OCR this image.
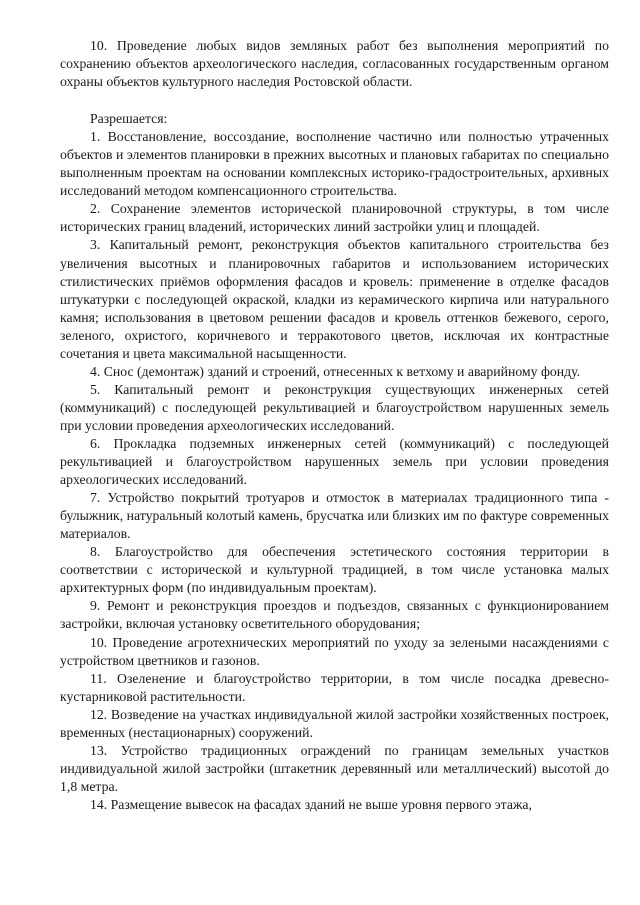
10. Проведение любых видов земляных работ без выполнения мероприятий по сохранению объектов археологического наследия, согласованных государственным органом охраны объектов культурного наследия Ростовской области.

Разрешается:

1. Восстановление, воссоздание, восполнение частично или полностью утраченных объектов и элементов планировки в прежних высотных и плановых габаритах по специально выполненным проектам на основании комплексных историко-градостроительных, архивных исследований методом компенсационного строительства.

2. Сохранение элементов исторической планировочной структуры, в том числе исторических границ владений, исторических линий застройки улиц и площадей.

3. Капитальный ремонт, реконструкция объектов капитального строительства без увеличения высотных и планировочных габаритов и использованием исторических стилистических приёмов оформления фасадов и кровель: применение в отделке фасадов штукатурки с последующей окраской, кладки из керамического кирпича или натурального камня; использования в цветовом решении фасадов и кровель оттенков бежевого, серого, зеленого, охристого, коричневого и терракотового цветов, исключая их контрастные сочетания и цвета максимальной насыщенности.

4. Снос (демонтаж) зданий и строений, отнесенных к ветхому и аварийному фонду.

5. Капитальный ремонт и реконструкция существующих инженерных сетей (коммуникаций) с последующей рекультивацией и благоустройством нарушенных земель при условии проведения археологических исследований.

6. Прокладка подземных инженерных сетей (коммуникаций) с последующей рекультивацией и благоустройством нарушенных земель при условии проведения археологических исследований.

7. Устройство покрытий тротуаров и отмосток в материалах традиционного типа - булыжник, натуральный колотый камень, брусчатка или близких им по фактуре современных материалов.

8. Благоустройство для обеспечения эстетического состояния территории в соответствии с исторической и культурной традицией, в том числе установка малых архитектурных форм (по индивидуальным проектам).

9. Ремонт и реконструкция проездов и подъездов, связанных с функционированием застройки, включая установку осветительного оборудования;

10. Проведение агротехнических мероприятий по уходу за зелеными насаждениями с устройством цветников и газонов.

11. Озеленение и благоустройство территории, в том числе посадка древесно-кустарниковой растительности.

12. Возведение на участках индивидуальной жилой застройки хозяйственных построек, временных (нестационарных) сооружений.

13. Устройство традиционных ограждений по границам земельных участков индивидуальной жилой застройки (штакетник деревянный или металлический) высотой до 1,8 метра.

14. Размещение вывесок на фасадах зданий не выше уровня первого этажа,
